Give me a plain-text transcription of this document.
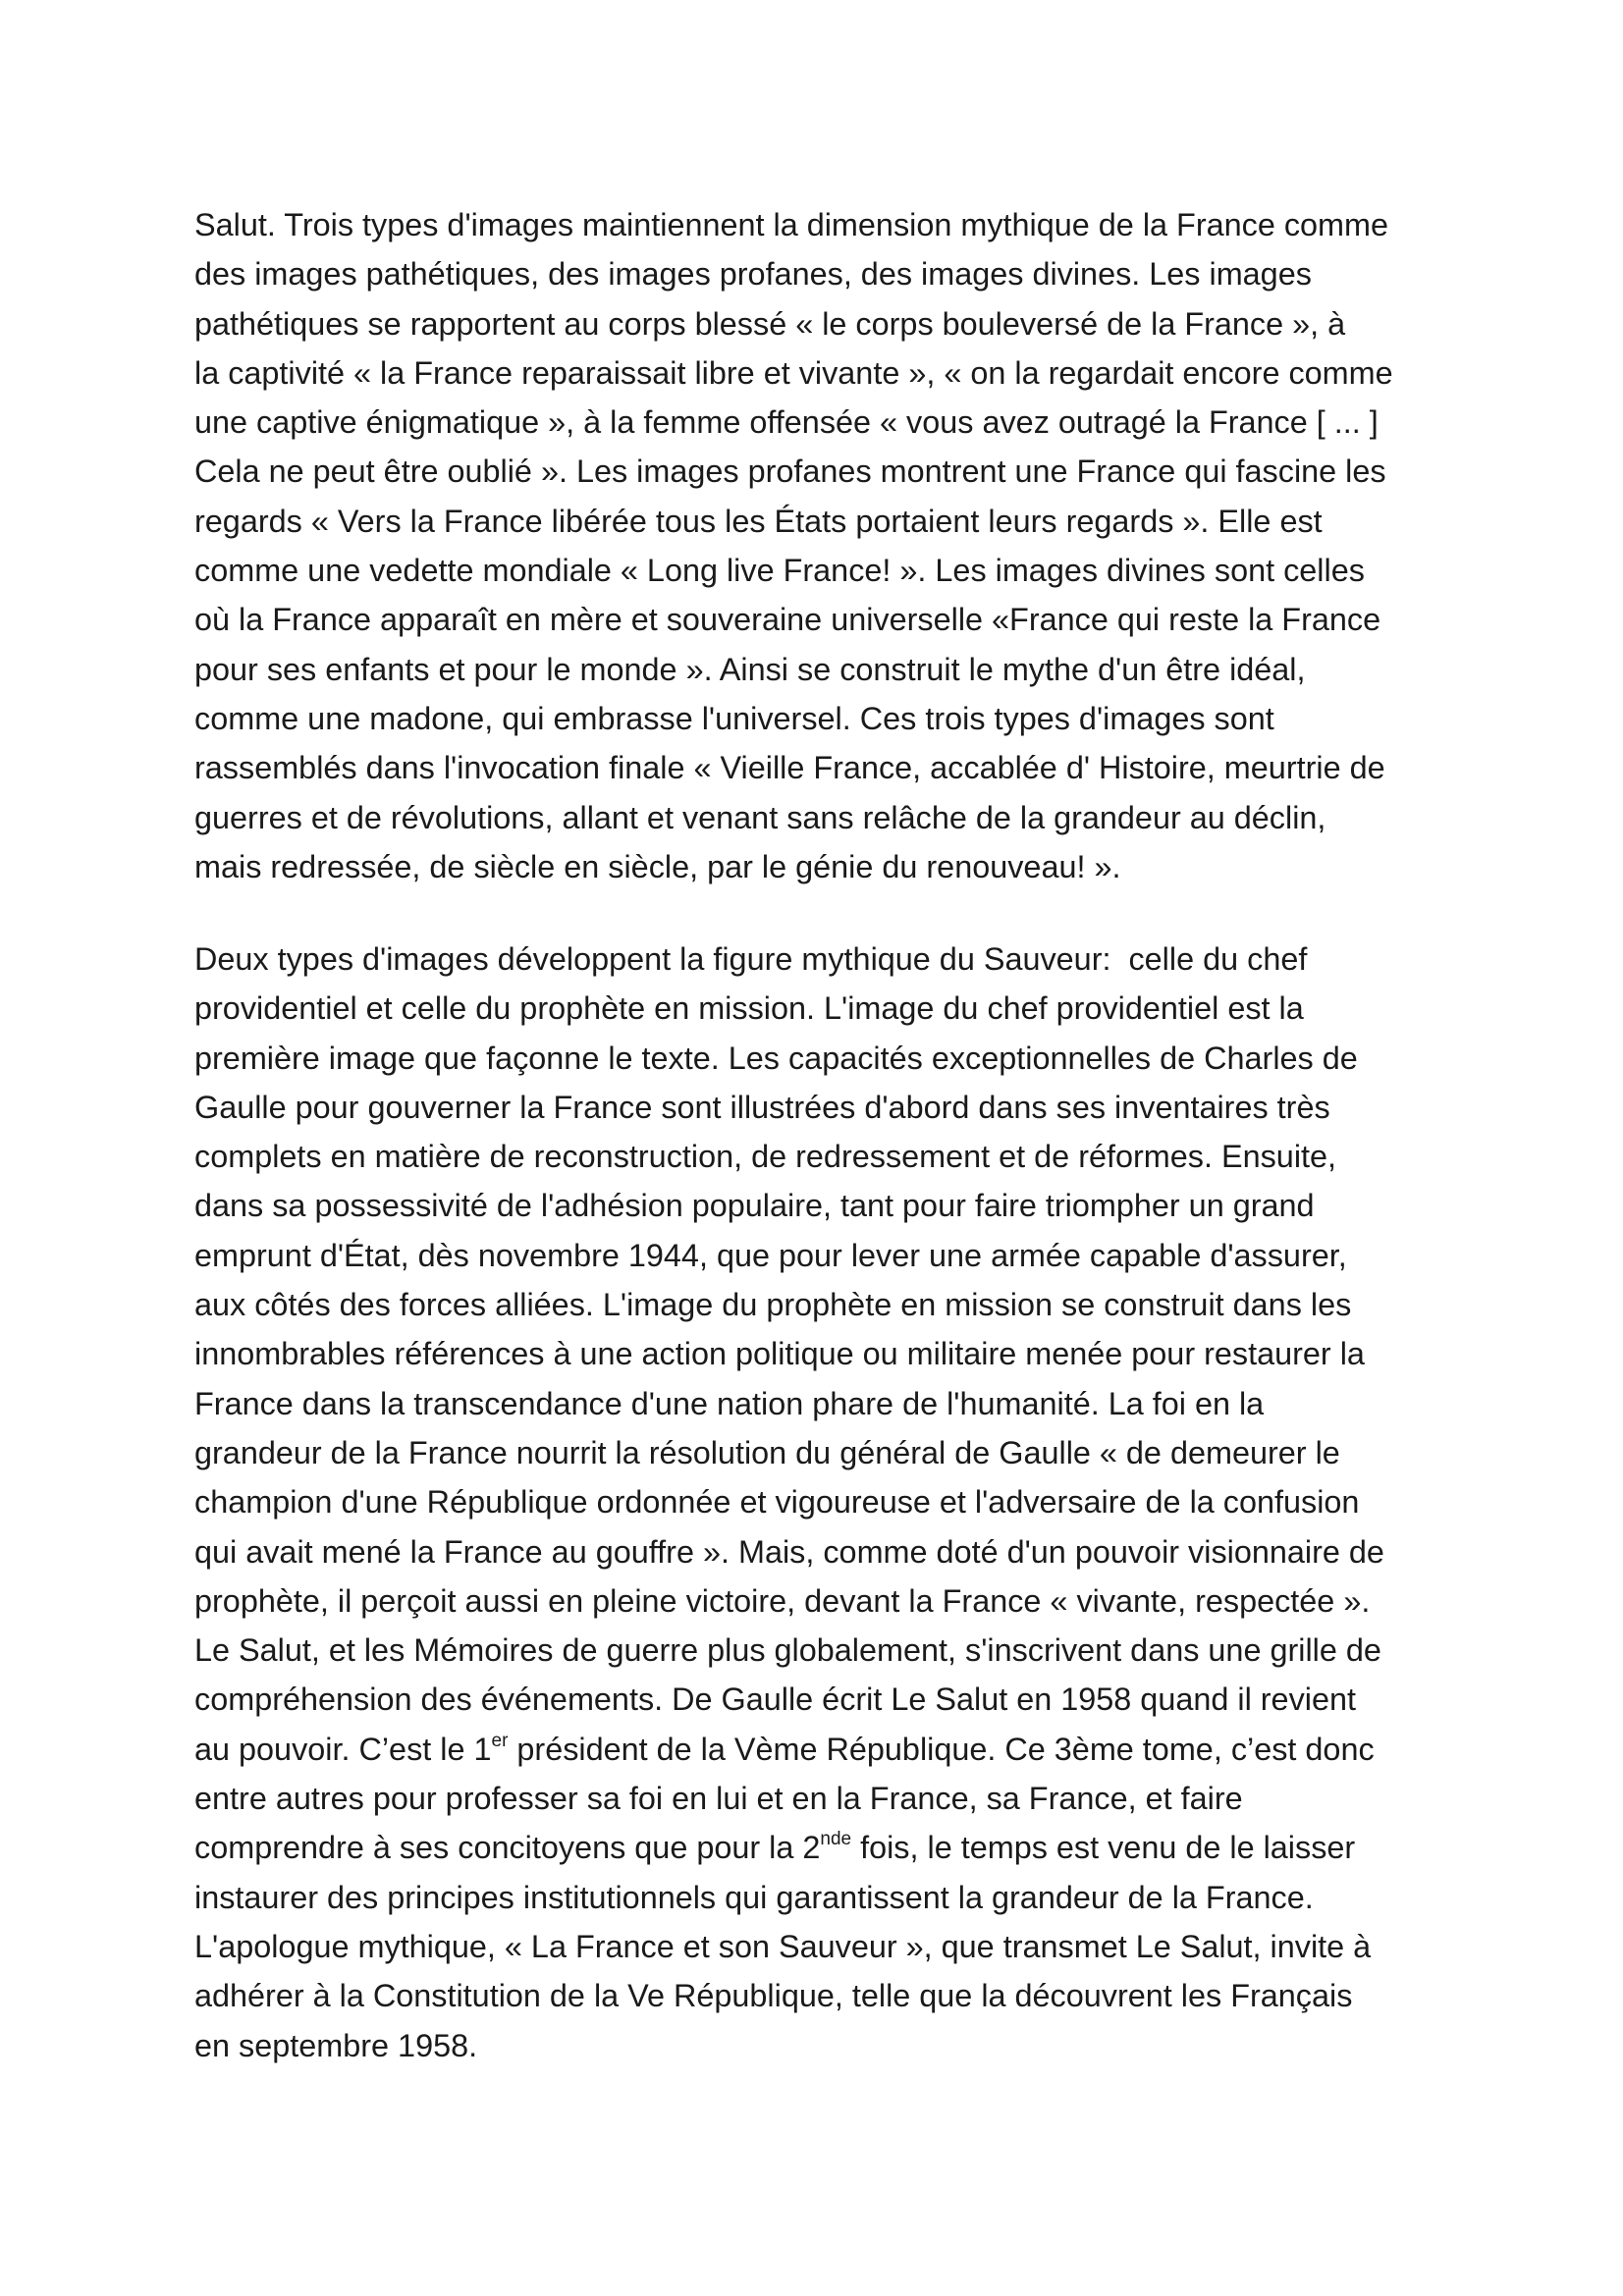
Salut. Trois types d'images maintiennent la dimension mythique de la France comme
des images pathétiques, des images profanes, des images divines. Les images
pathétiques se rapportent au corps blessé « le corps bouleversé de la France », à
la captivité « la France reparaissait libre et vivante », « on la regardait encore comme
une captive énigmatique », à la femme offensée « vous avez outragé la France [ ... ]
Cela ne peut être oublié ». Les images profanes montrent une France qui fascine les
regards « Vers la France libérée tous les États portaient leurs regards ». Elle est
comme une vedette mondiale « Long live France! ». Les images divines sont celles
où la France apparaît en mère et souveraine universelle «France qui reste la France
pour ses enfants et pour le monde ». Ainsi se construit le mythe d'un être idéal,
comme une madone, qui embrasse l'universel. Ces trois types d'images sont
rassemblés dans l'invocation finale « Vieille France, accablée d' Histoire, meurtrie de
guerres et de révolutions, allant et venant sans relâche de la grandeur au déclin,
mais redressée, de siècle en siècle, par le génie du renouveau! ».
Deux types d'images développent la figure mythique du Sauveur:  celle du chef
providentiel et celle du prophète en mission. L'image du chef providentiel est la
première image que façonne le texte. Les capacités exceptionnelles de Charles de
Gaulle pour gouverner la France sont illustrées d'abord dans ses inventaires très
complets en matière de reconstruction, de redressement et de réformes. Ensuite,
dans sa possessivité de l'adhésion populaire, tant pour faire triompher un grand
emprunt d'État, dès novembre 1944, que pour lever une armée capable d'assurer,
aux côtés des forces alliées. L'image du prophète en mission se construit dans les
innombrables références à une action politique ou militaire menée pour restaurer la
France dans la transcendance d'une nation phare de l'humanité. La foi en la
grandeur de la France nourrit la résolution du général de Gaulle « de demeurer le
champion d'une République ordonnée et vigoureuse et l'adversaire de la confusion
qui avait mené la France au gouffre ». Mais, comme doté d'un pouvoir visionnaire de
prophète, il perçoit aussi en pleine victoire, devant la France « vivante, respectée ».
Le Salut, et les Mémoires de guerre plus globalement, s'inscrivent dans une grille de
compréhension des événements. De Gaulle écrit Le Salut en 1958 quand il revient
au pouvoir. C’est le 1er président de la Vème République. Ce 3ème tome, c’est donc
entre autres pour professer sa foi en lui et en la France, sa France, et faire
comprendre à ses concitoyens que pour la 2nde fois, le temps est venu de le laisser
instaurer des principes institutionnels qui garantissent la grandeur de la France.
L'apologue mythique, « La France et son Sauveur », que transmet Le Salut, invite à
adhérer à la Constitution de la Ve République, telle que la découvrent les Français
en septembre 1958.
